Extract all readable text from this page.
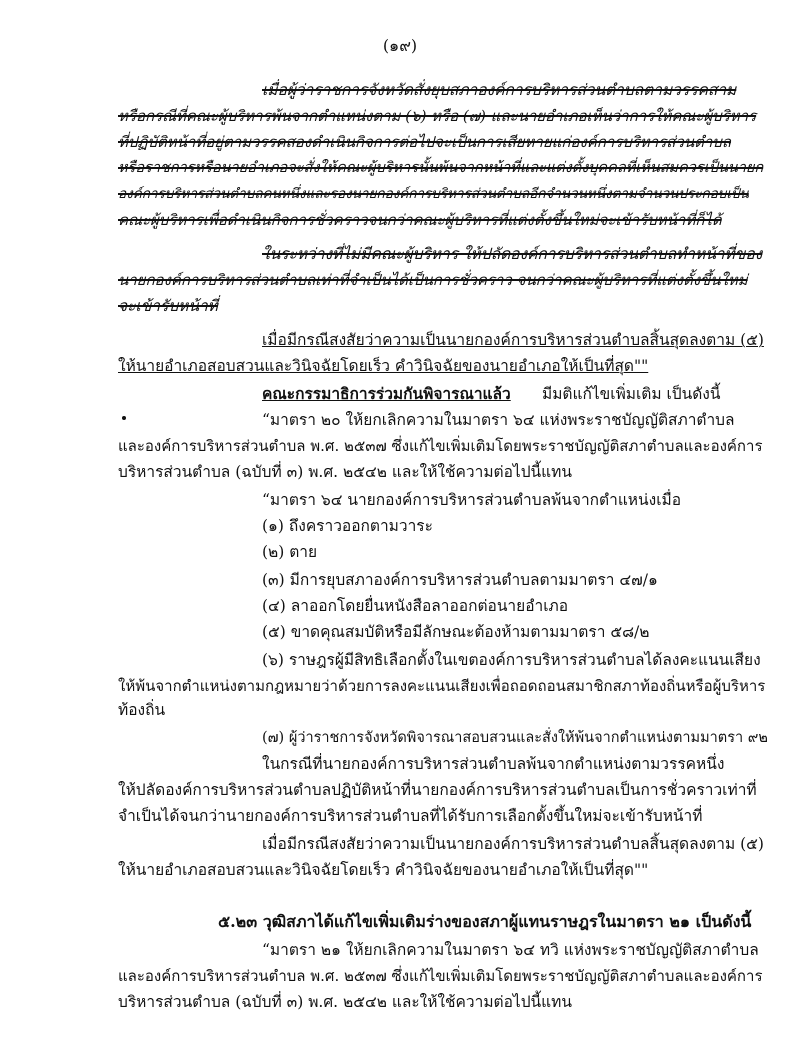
(๑๙)
เมื่อผู้ว่าราชการจังหวัดสั่งยุบสภาองค์การบริหารส่วนตำบลตามวรรคสาม
หรือกรณีที่คณะผู้บริหารพ้นจากตำแหน่งตาม (๖) หรือ (๗) และนายอำเภอเห็นว่าการให้คณะผู้บริหาร
ที่ปฏิบัติหน้าที่อยู่ตามวรรคสองดำเนินกิจการต่อไปจะเป็นการเสียหายแก่องค์การบริหารส่วนตำบล
หรือราชการหรือนายอำเภอจะสั่งให้คณะผู้บริหารนั้นพ้นจากหน้าที่และแต่งตั้งบุคคลที่เห็นสมควรเป็นนายก
องค์การบริหารส่วนตำบลคนหนึ่งและรองนายกองค์การบริหารส่วนตำบลอีกจำนวนหนึ่งตามจำนวนประกอบเป็น
คณะผู้บริหารเพื่อดำเนินกิจการชั่วคราวจนกว่าคณะผู้บริหารที่แต่งตั้งขึ้นใหม่จะเข้ารับหน้าที่ก็ได้
ในระหว่างที่ไม่มีคณะผู้บริหาร ให้ปลัดองค์การบริหารส่วนตำบลทำหน้าที่ของ
นายกองค์การบริหารส่วนตำบลเท่าที่จำเป็นได้เป็นการชั่วคราว จนกว่าคณะผู้บริหารที่แต่งตั้งขึ้นใหม่
จะเข้ารับหน้าที่
เมื่อมีกรณีสงสัยว่าความเป็นนายกองค์การบริหารส่วนตำบลสิ้นสุดลงตาม (๕)
ให้นายอำเภอสอบสวนและวินิจฉัยโดยเร็ว คำวินิจฉัยของนายอำเภอให้เป็นที่สุด""
คณะกรรมาธิการร่วมกันพิจารณาแล้ว มีมติแก้ไขเพิ่มเติม เป็นดังนี้
“มาตรา ๒๐ ให้ยกเลิกความในมาตรา ๖๔ แห่งพระราชบัญญัติสภาตำบล
และองค์การบริหารส่วนตำบล พ.ศ. ๒๕๓๗ ซึ่งแก้ไขเพิ่มเติมโดยพระราชบัญญัติสภาตำบลและองค์การ
บริหารส่วนตำบล (ฉบับที่ ๓) พ.ศ. ๒๕๔๒ และให้ใช้ความต่อไปนี้แทน
“มาตรา ๖๔ นายกองค์การบริหารส่วนตำบลพ้นจากตำแหน่งเมื่อ
(๑) ถึงคราวออกตามวาระ
(๒) ตาย
(๓) มีการยุบสภาองค์การบริหารส่วนตำบลตามมาตรา ๔๗/๑
(๔) ลาออกโดยยื่นหนังสือลาออกต่อนายอำเภอ
(๕) ขาดคุณสมบัติหรือมีลักษณะต้องห้ามตามมาตรา ๕๘/๒
(๖) ราษฎรผู้มีสิทธิเลือกตั้งในเขตองค์การบริหารส่วนตำบลได้ลงคะแนนเสียง
ให้พ้นจากตำแหน่งตามกฎหมายว่าด้วยการลงคะแนนเสียงเพื่อถอดถอนสมาชิกสภาท้องถิ่นหรือผู้บริหาร
ท้องถิ่น
(๗) ผู้ว่าราชการจังหวัดพิจารณาสอบสวนและสั่งให้พ้นจากตำแหน่งตามมาตรา ๙๒
ในกรณีที่นายกองค์การบริหารส่วนตำบลพ้นจากตำแหน่งตามวรรคหนึ่ง
ให้ปลัดองค์การบริหารส่วนตำบลปฏิบัติหน้าที่นายกองค์การบริหารส่วนตำบลเป็นการชั่วคราวเท่าที่
จำเป็นได้จนกว่านายกองค์การบริหารส่วนตำบลที่ได้รับการเลือกตั้งขึ้นใหม่จะเข้ารับหน้าที่
เมื่อมีกรณีสงสัยว่าความเป็นนายกองค์การบริหารส่วนตำบลสิ้นสุดลงตาม (๕)
ให้นายอำเภอสอบสวนและวินิจฉัยโดยเร็ว คำวินิจฉัยของนายอำเภอให้เป็นที่สุด""
๕.๒๓ วุฒิสภาได้แก้ไขเพิ่มเติมร่างของสภาผู้แทนราษฎรในมาตรา ๒๑ เป็นดังนี้
“มาตรา ๒๑ ให้ยกเลิกความในมาตรา ๖๔ ทวิ แห่งพระราชบัญญัติสภาตำบล
และองค์การบริหารส่วนตำบล พ.ศ. ๒๕๓๗ ซึ่งแก้ไขเพิ่มเติมโดยพระราชบัญญัติสภาตำบลและองค์การ
บริหารส่วนตำบล (ฉบับที่ ๓) พ.ศ. ๒๕๔๒ และให้ใช้ความต่อไปนี้แทน
